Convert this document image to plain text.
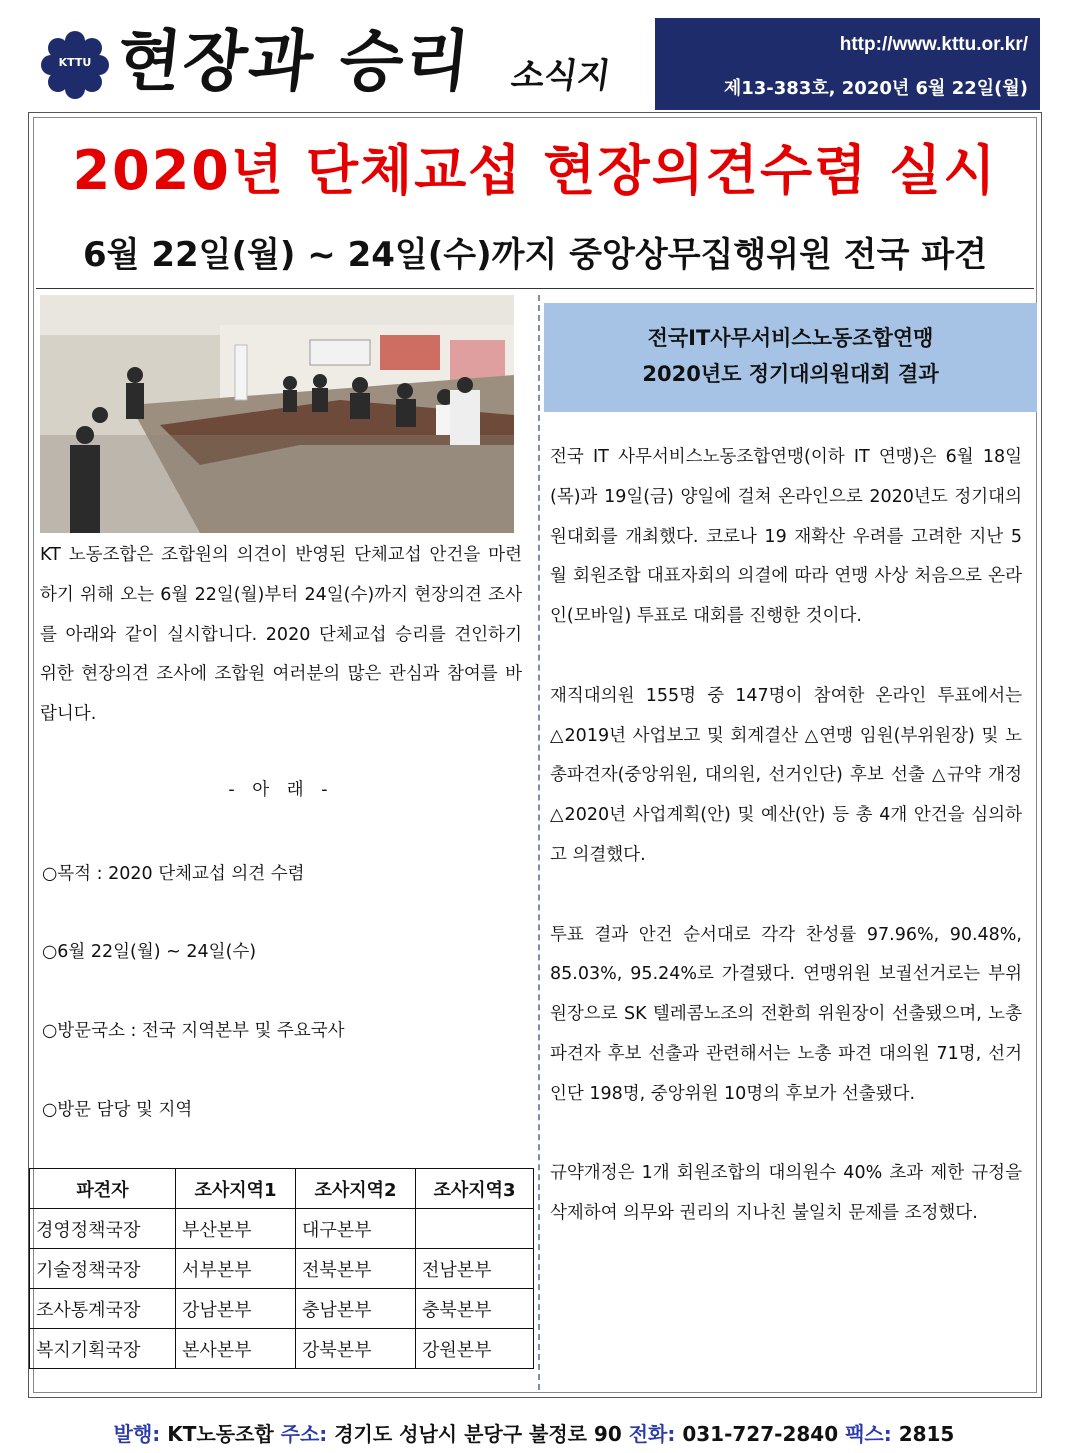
KTTU 현장과 승리 소식지
http://www.kttu.or.kr/
제13-383호, 2020년 6월 22일(월)
2020년 단체교섭 현장의견수렴 실시
6월 22일(월) ~ 24일(수)까지 중앙상무집행위원 전국 파견
KT 노동조합은 조합원의 의견이 반영된 단체교섭 안건을 마련하기 위해 오는 6월 22일(월)부터 24일(수)까지 현장의견 조사를 아래와 같이 실시합니다. 2020 단체교섭 승리를 견인하기 위한 현장의견 조사에 조합원 여러분의 많은 관심과 참여를 바랍니다.
- 아 래 -
○목적 : 2020 단체교섭 의견 수렴
○6월 22일(월) ~ 24일(수)
○방문국소 : 전국 지역본부 및 주요국사
○방문 담당 및 지역
파견자	조사지역1	조사지역2	조사지역3
경영정책국장	부산본부	대구본부	
기술정책국장	서부본부	전북본부	전남본부
조사통계국장	강남본부	충남본부	충북본부
복지기획국장	본사본부	강북본부	강원본부
전국IT사무서비스노동조합연맹
2020년도 정기대의원대회 결과

전국 IT 사무서비스노동조합연맹(이하 IT 연맹)은 6월 18일(목)과 19일(금) 양일에 걸쳐 온라인으로 2020년도 정기대의원대회를 개최했다. 코로나 19 재확산 우려를 고려한 지난 5월 회원조합 대표자회의 의결에 따라 연맹 사상 처음으로 온라인(모바일) 투표로 대회를 진행한 것이다.

재직대의원 155명 중 147명이 참여한 온라인 투표에서는 △2019년 사업보고 및 회계결산 △연맹 임원(부위원장) 및 노총파견자(중앙위원, 대의원, 선거인단) 후보 선출 △규약 개정 △2020년 사업계획(안) 및 예산(안) 등 총 4개 안건을 심의하고 의결했다.

투표 결과 안건 순서대로 각각 찬성률 97.96%, 90.48%, 85.03%, 95.24%로 가결됐다. 연맹위원 보궐선거로는 부위원장으로 SK 텔레콤노조의 전환희 위원장이 선출됐으며, 노총 파견자 후보 선출과 관련해서는 노총 파견 대의원 71명, 선거인단 198명, 중앙위원 10명의 후보가 선출됐다.

규약개정은 1개 회원조합의 대의원수 40% 초과 제한 규정을 삭제하여 의무와 권리의 지나친 불일치 문제를 조정했다.

발행: KT노동조합 주소: 경기도 성남시 분당구 불정로 90 전화: 031-727-2840 팩스: 2815
